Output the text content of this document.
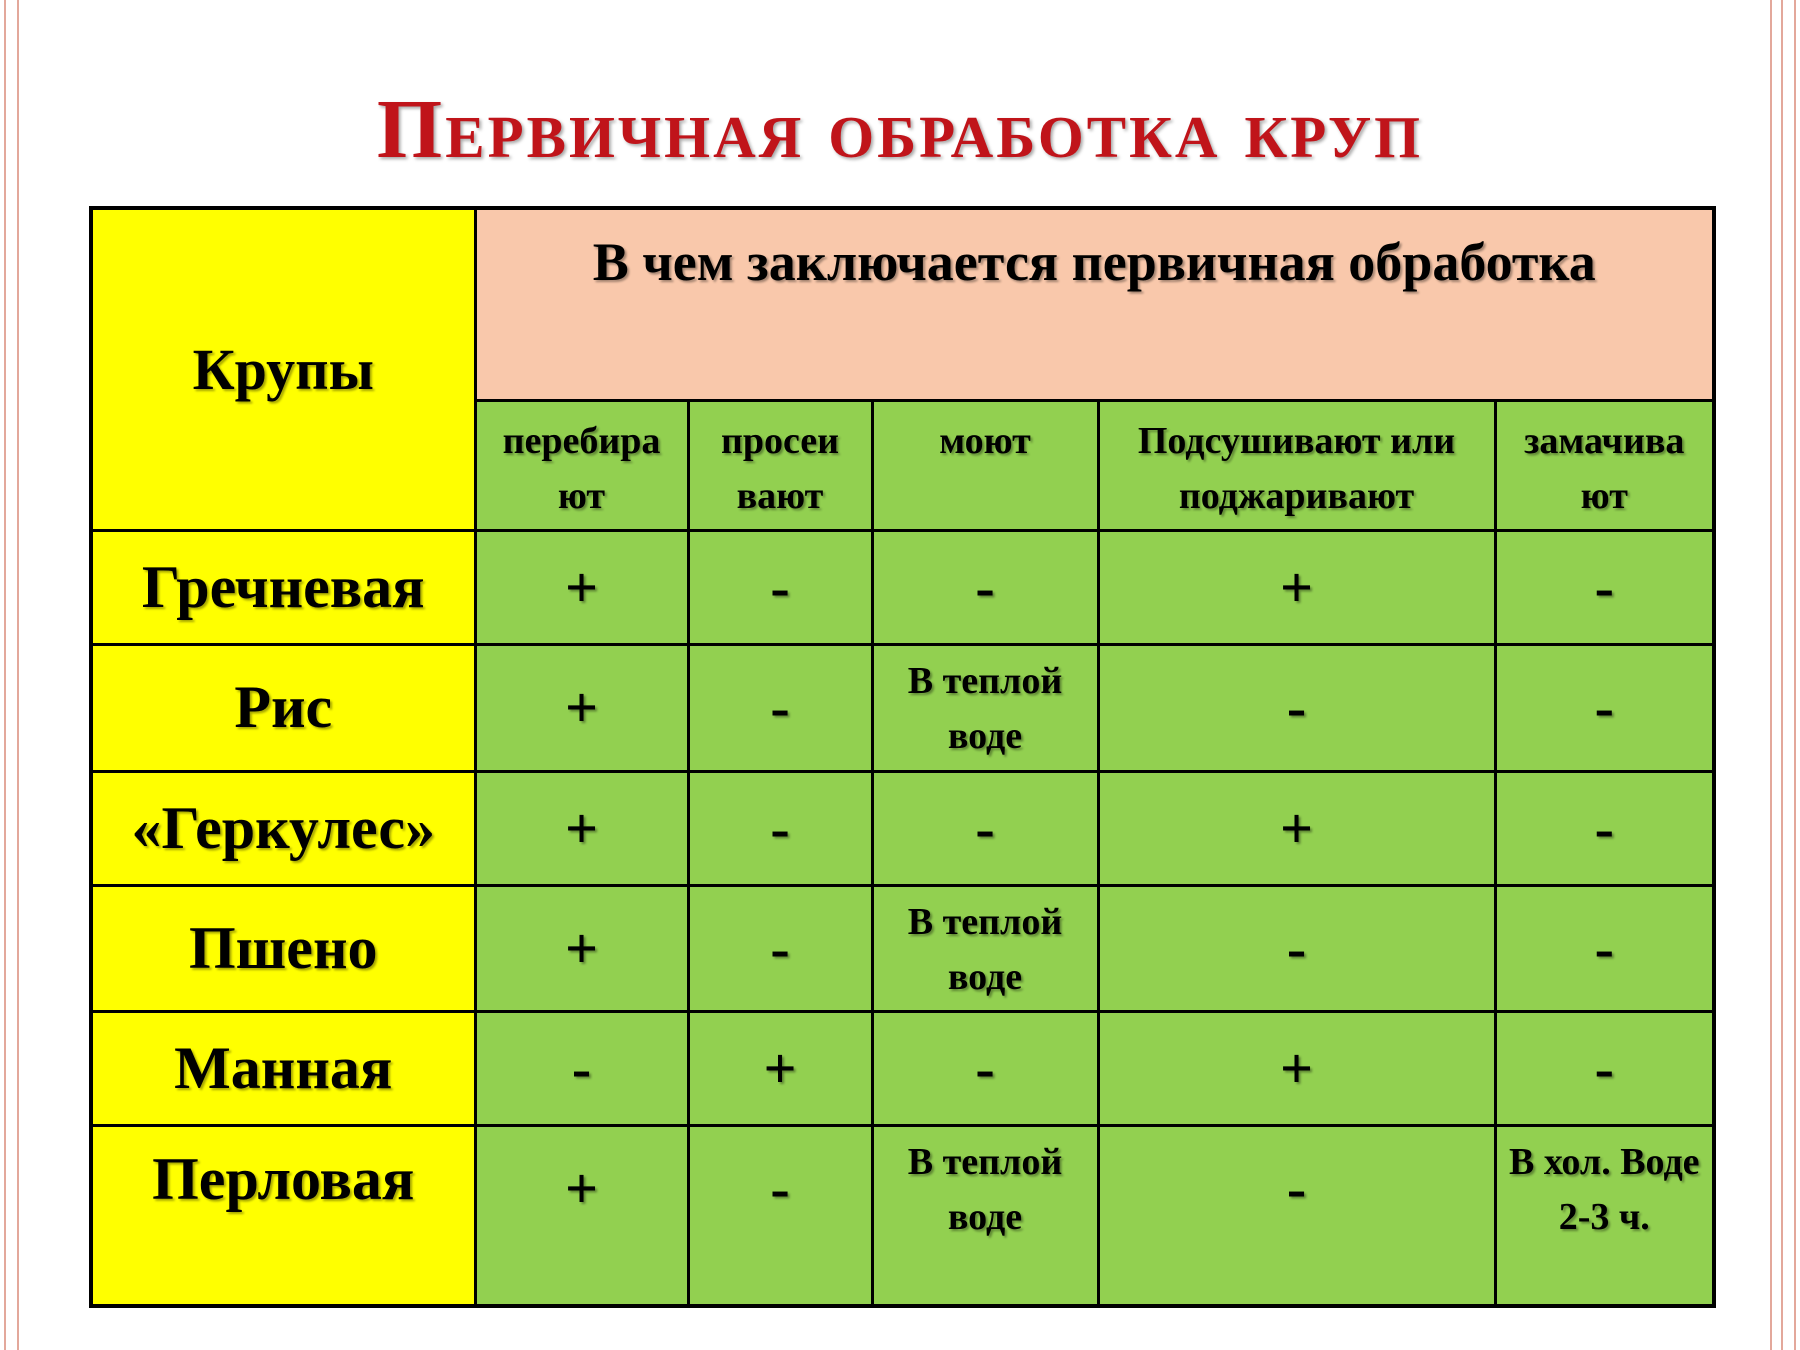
Первичная обработка круп
Крупы	В чем заключается первичная обработка				
	перебира ют	просеи вают	моют	Подсушивают или поджаривают	замачива ют
Гречневая	+	-	-	+	-
Рис	+	-	В теплой воде	-	-
«Геркулес»	+	-	-	+	-
Пшено	+	-	В теплой воде	-	-
Манная	-	+	-	+	-
Перловая	+	-	В теплой воде	-	В хол. Воде 2-3 ч.
